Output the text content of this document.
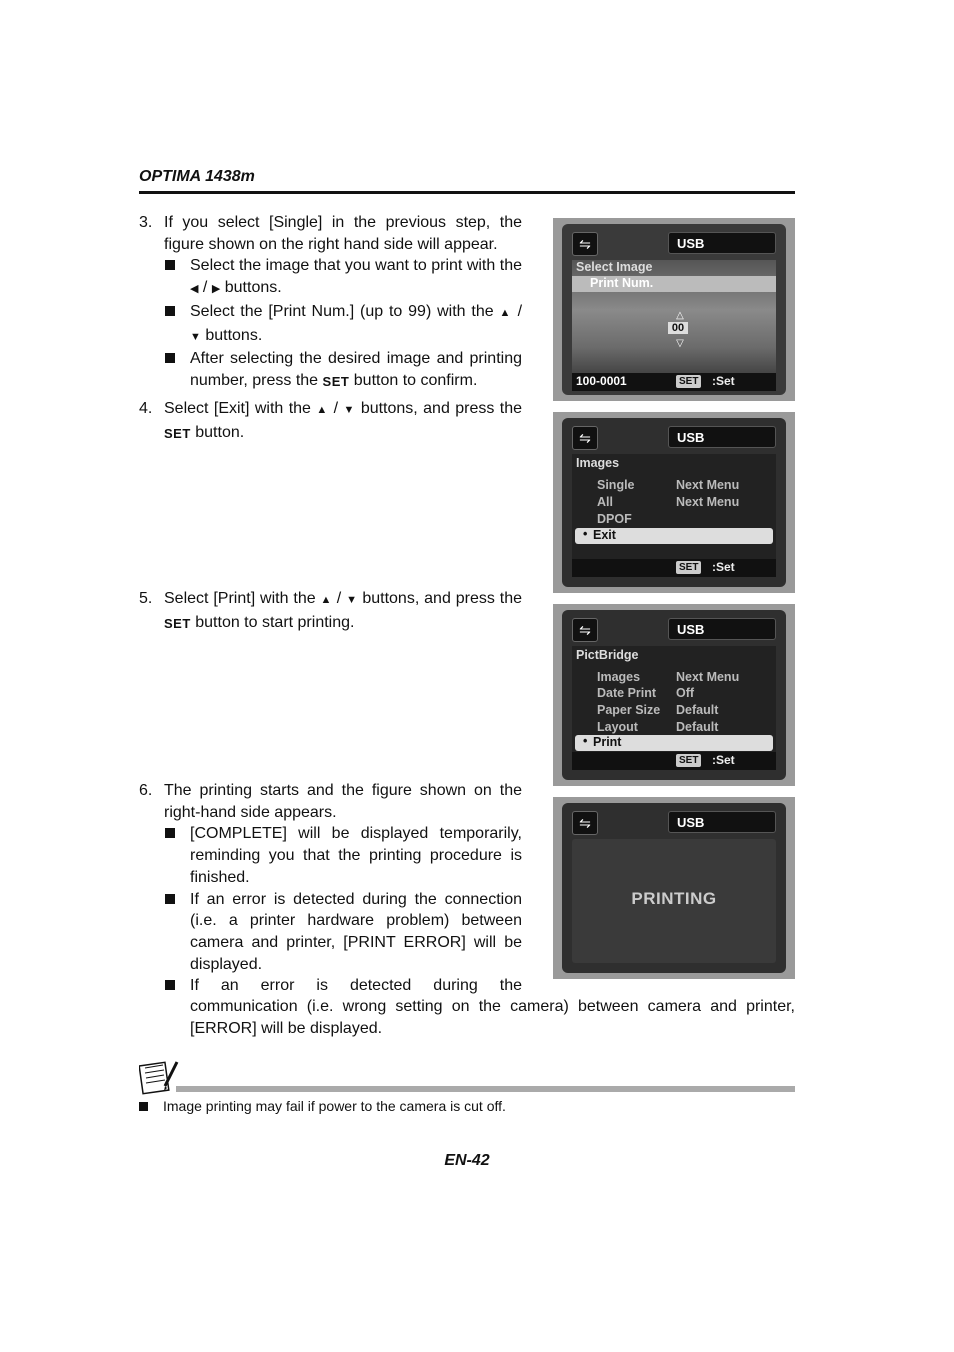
OPTIMA 1438m
3. If you select [Single] in the previous step, the figure shown on the right hand side will appear.
Select the image that you want to print with the ◀ / ▶ buttons.
Select the [Print Num.] (up to 99) with the ▲ / ▼ buttons.
After selecting the desired image and printing number, press the SET button to confirm.
4. Select [Exit] with the ▲ / ▼ buttons, and press the SET button.
5. Select [Print] with the ▲ / ▼ buttons, and press the SET button to start printing.
6. The printing starts and the figure shown on the right-hand side appears.
[COMPLETE] will be displayed temporarily, reminding you that the printing procedure is finished.
If an error is detected during the connection (i.e. a printer hardware problem) between camera and printer, [PRINT ERROR] will be displayed.
If an error is detected during the
communication (i.e. wrong setting on the camera) between camera and printer, [ERROR] will be displayed.
⇋	USB
Select Image
Print Num.
△
00
▽
100-0001	SET :Set
⇋	USB
Images
Single	Next Menu
All	Next Menu
DPOF
• Exit
SET :Set
⇋	USB
PictBridge
Images	Next Menu
Date Print Off
Paper Size Default
Layout	Default
• Print
SET :Set
⇋	USB
PRINTING
Image printing may fail if power to the camera is cut off.
EN-42
